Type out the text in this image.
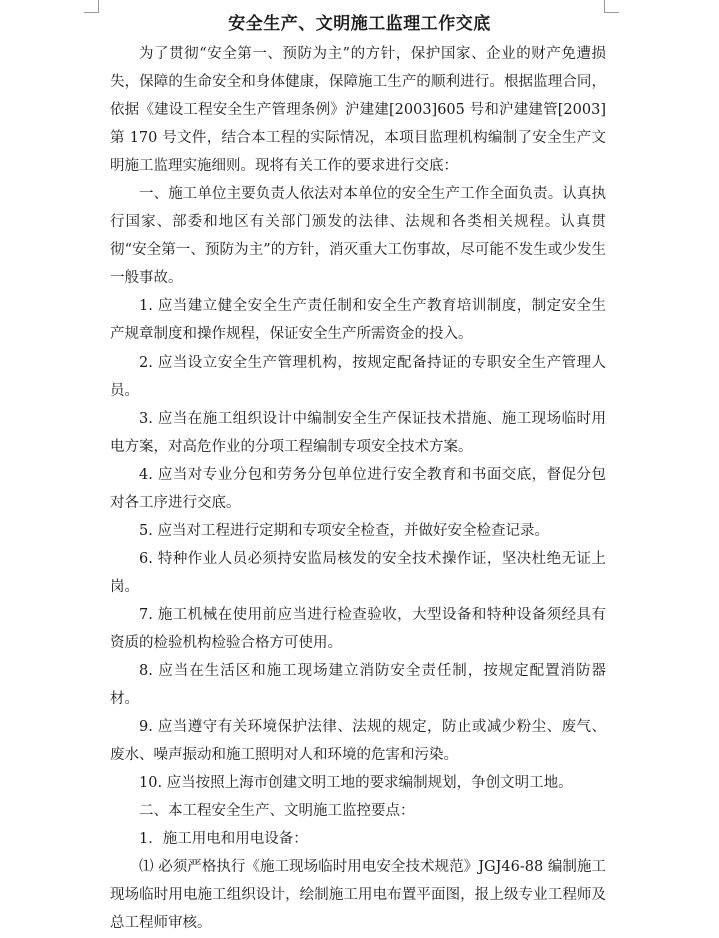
安全生产、文明施工监理工作交底

为了贯彻“安全第一、预防为主”的方针，保护国家、企业的财产免遭损失，保障的生命安全和身体健康，保障施工生产的顺利进行。根据监理合同，依据《建设工程安全生产管理条例》沪建建[2003]605 号和沪建建管[2003]第 170 号文件，结合本工程的实际情况，本项目监理机构编制了安全生产文明施工监理实施细则。现将有关工作的要求进行交底：

一、施工单位主要负责人依法对本单位的安全生产工作全面负责。认真执行国家、部委和地区有关部门颁发的法律、法规和各类相关规程。认真贯彻“安全第一、预防为主”的方针，消灭重大工伤事故，尽可能不发生或少发生一般事故。

1. 应当建立健全安全生产责任制和安全生产教育培训制度，制定安全生产规章制度和操作规程，保证安全生产所需资金的投入。

2. 应当设立安全生产管理机构，按规定配备持证的专职安全生产管理人员。

3. 应当在施工组织设计中编制安全生产保证技术措施、施工现场临时用电方案，对高危作业的分项工程编制专项安全技术方案。

4. 应当对专业分包和劳务分包单位进行安全教育和书面交底，督促分包对各工序进行交底。

5. 应当对工程进行定期和专项安全检查，并做好安全检查记录。

6. 特种作业人员必须持安监局核发的安全技术操作证，坚决杜绝无证上岗。

7. 施工机械在使用前应当进行检查验收，大型设备和特种设备须经具有资质的检验机构检验合格方可使用。

8. 应当在生活区和施工现场建立消防安全责任制，按规定配置消防器材。

9. 应当遵守有关环境保护法律、法规的规定，防止或减少粉尘、废气、废水、噪声振动和施工照明对人和环境的危害和污染。

10. 应当按照上海市创建文明工地的要求编制规划，争创文明工地。

二、本工程安全生产、文明施工监控要点：

1．施工用电和用电设备：

⑴ 必须严格执行《施工现场临时用电安全技术规范》JGJ46-88 编制施工现场临时用电施工组织设计，绘制施工用电布置平面图，报上级专业工程师及总工程师审核。
